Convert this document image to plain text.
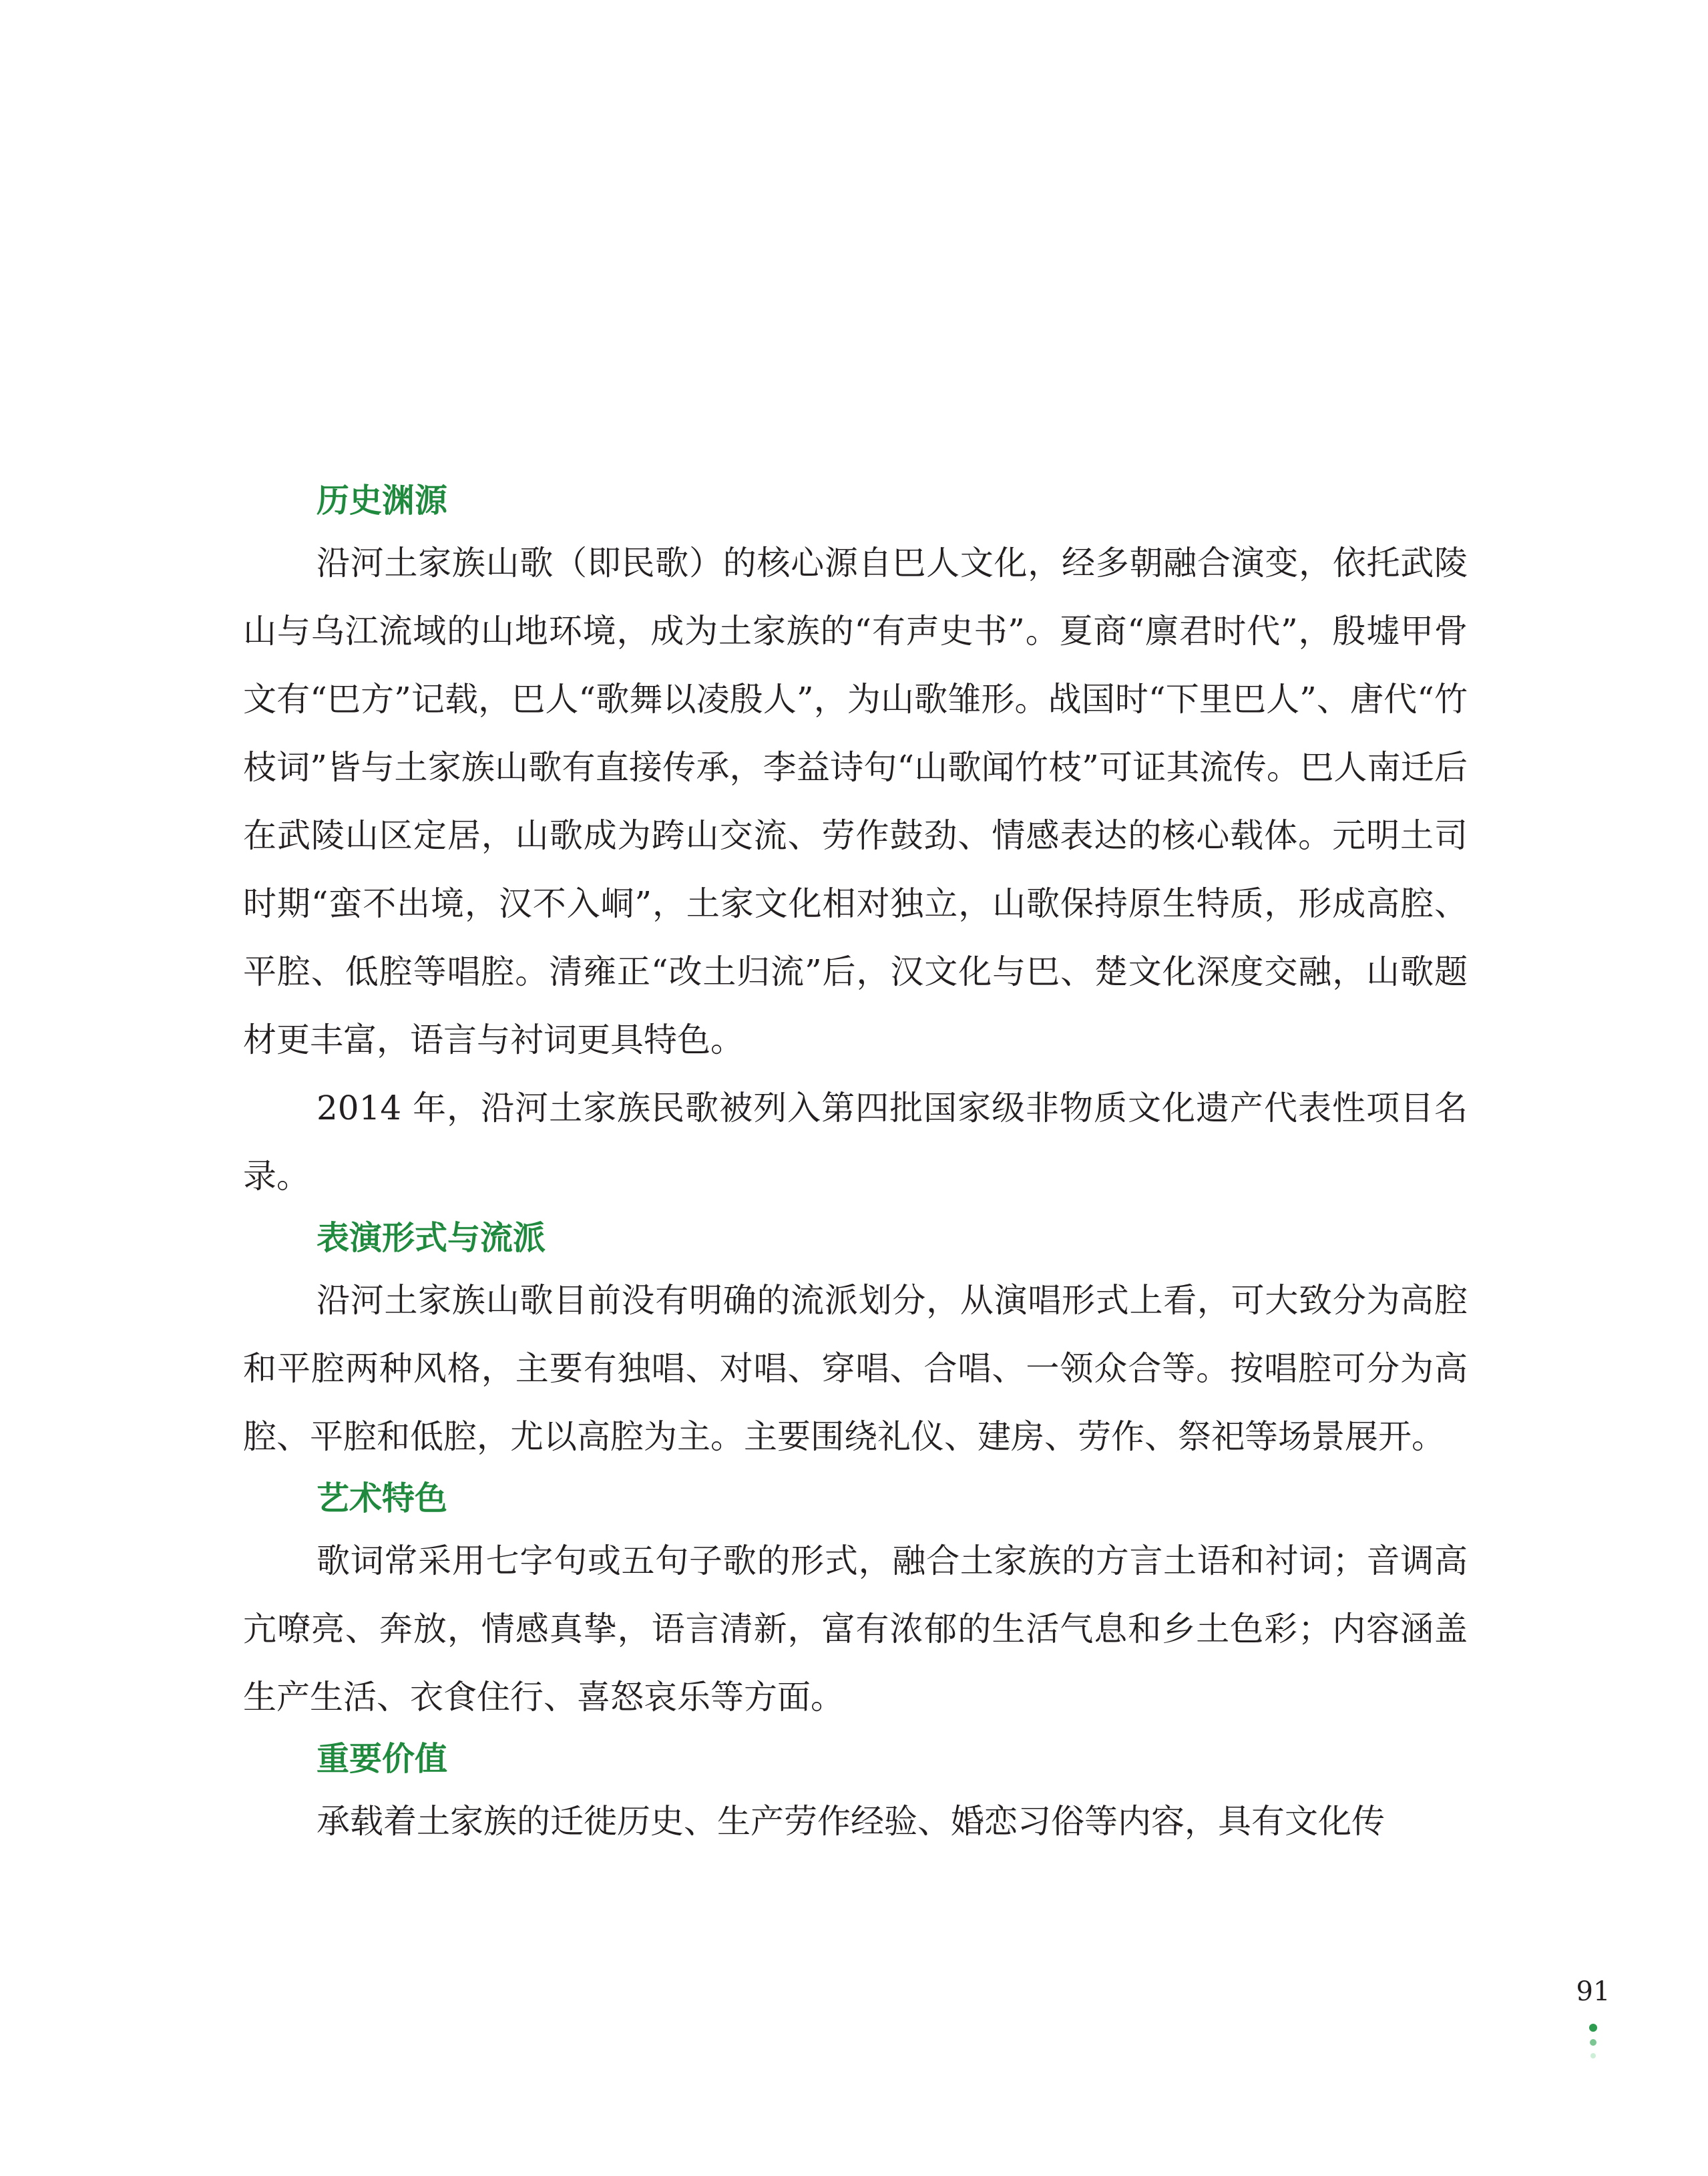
历史渊源

沿河土家族山歌（即民歌）的核心源自巴人文化，经多朝融合演变，依托武陵山与乌江流域的山地环境，成为土家族的“有声史书”。夏商“廪君时代”，殷墟甲骨文有“巴方”记载，巴人“歌舞以凌殷人”，为山歌雏形。战国时“下里巴人”、唐代“竹枝词”皆与土家族山歌有直接传承，李益诗句“山歌闻竹枝”可证其流传。巴人南迁后在武陵山区定居，山歌成为跨山交流、劳作鼓劲、情感表达的核心载体。元明土司时期“蛮不出境，汉不入峒”，土家文化相对独立，山歌保持原生特质，形成高腔、平腔、低腔等唱腔。清雍正“改土归流”后，汉文化与巴、楚文化深度交融，山歌题材更丰富，语言与衬词更具特色。

2014 年，沿河土家族民歌被列入第四批国家级非物质文化遗产代表性项目名录。

表演形式与流派

沿河土家族山歌目前没有明确的流派划分，从演唱形式上看，可大致分为高腔和平腔两种风格，主要有独唱、对唱、穿唱、合唱、一领众合等。按唱腔可分为高腔、平腔和低腔，尤以高腔为主。主要围绕礼仪、建房、劳作、祭祀等场景展开。

艺术特色

歌词常采用七字句或五句子歌的形式，融合土家族的方言土语和衬词；音调高亢嘹亮、奔放，情感真挚，语言清新，富有浓郁的生活气息和乡土色彩；内容涵盖生产生活、衣食住行、喜怒哀乐等方面。

重要价值

承载着土家族的迁徙历史、生产劳作经验、婚恋习俗等内容，具有文化传

91
